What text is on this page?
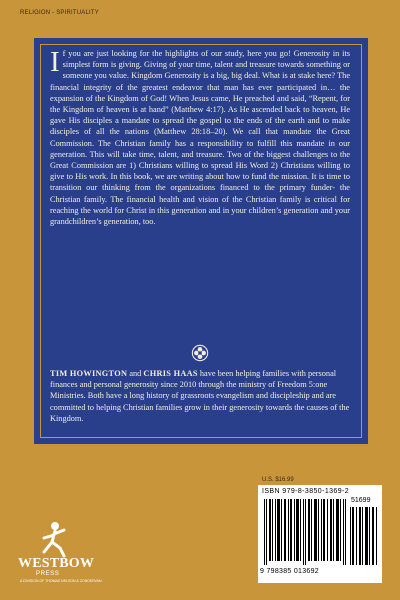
RELIGION - SPIRITUALITY
If you are just looking for the highlights of our study, here you go! Generosity in its simplest form is giving. Giving of your time, talent and treasure towards something or someone you value. Kingdom Generosity is a big, big deal. What is at stake here? The financial integrity of the greatest endeavor that man has ever participated in… the expansion of the Kingdom of God! When Jesus came, He preached and said, “Repent, for the Kingdom of heaven is at hand” (Matthew 4:17). As He ascended back to heaven, He gave His disciples a mandate to spread the gospel to the ends of the earth and to make disciples of all the nations (Matthew 28:18–20). We call that mandate the Great Commission. The Christian family has a responsibility to fulfill this mandate in our generation. This will take time, talent, and treasure. Two of the biggest challenges to the Great Commission are 1) Christians willing to spread His Word 2) Christians willing to give to His work. In this book, we are writing about how to fund the mission. It is time to transition our thinking from the organizations financed to the primary funder- the Christian family. The financial health and vision of the Christian family is critical for reaching the world for Christ in this generation and in your children’s generation and your grandchildren’s generation, too.
TIM HOWINGTON and CHRIS HAAS have been helping families with personal finances and personal generosity since 2010 through the ministry of Freedom 5:one Ministries. Both have a long history of grassroots evangelism and discipleship and are committed to helping Christian families grow in their generosity towards the causes of the Kingdom.
U.S. $16.99
ISBN 979-8-3850-1369-2
51699
9 798385 013692
WESTBOW
PRESS
A DIVISION OF THOMAS NELSON & ZONDERVAN
